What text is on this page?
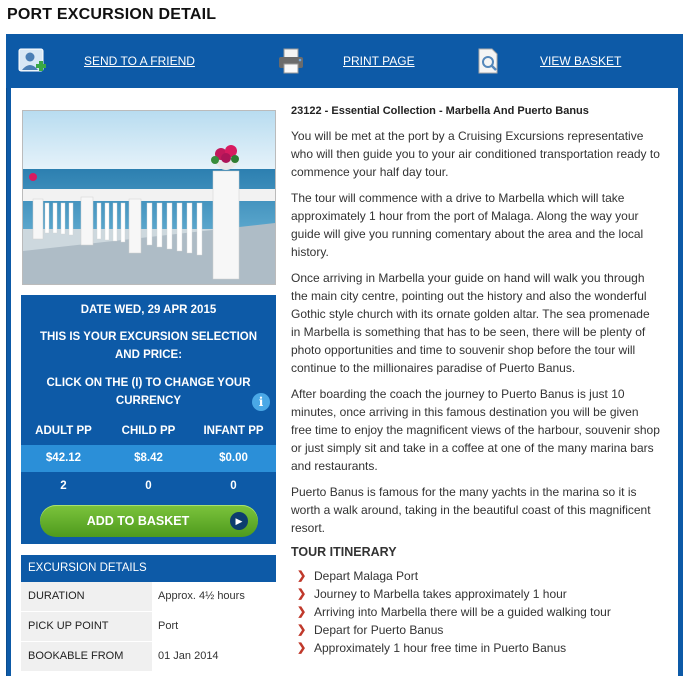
PORT EXCURSION DETAIL
SEND TO A FRIEND	PRINT PAGE	VIEW BASKET
DATE WED, 29 APR 2015
THIS IS YOUR EXCURSION SELECTION AND PRICE:
CLICK ON THE (I) TO CHANGE YOUR CURRENCY	i
ADULT PP	CHILD PP	INFANT PP
$42.12	$8.42	$0.00
2	0	0
ADD TO BASKET	▶
EXCURSION DETAILS
DURATION	Approx. 4½ hours
PICK UP POINT	Port
BOOKABLE FROM	01 Jan 2014
23122 - Essential Collection - Marbella And Puerto Banus

You will be met at the port by a Cruising Excursions representative who will then guide you to your air conditioned transportation ready to commence your half day tour.

The tour will commence with a drive to Marbella which will take approximately 1 hour from the port of Malaga. Along the way your guide will give you running comentary about the area and the local history.

Once arriving in Marbella your guide on hand will walk you through the main city centre, pointing out the history and also the wonderful Gothic style church with its ornate golden altar. The sea promenade in Marbella is something that has to be seen, there will be plenty of photo opportunities and time to souvenir shop before the tour will continue to the millionaires paradise of Puerto Banus.

After boarding the coach the journey to Puerto Banus is just 10 minutes, once arriving in this famous destination you will be given free time to enjoy the magnificent views of the harbour, souvenir shop or just simply sit and take in a coffee at one of the many marina bars and restaurants.

Puerto Banus is famous for the many yachts in the marina so it is worth a walk around, taking in the beautiful coast of this magnificent resort.

TOUR ITINERARY
❯ Depart Malaga Port
❯ Journey to Marbella takes approximately 1 hour
❯ Arriving into Marbella there will be a guided walking tour
❯ Depart for Puerto Banus
❯ Approximately 1 hour free time in Puerto Banus
